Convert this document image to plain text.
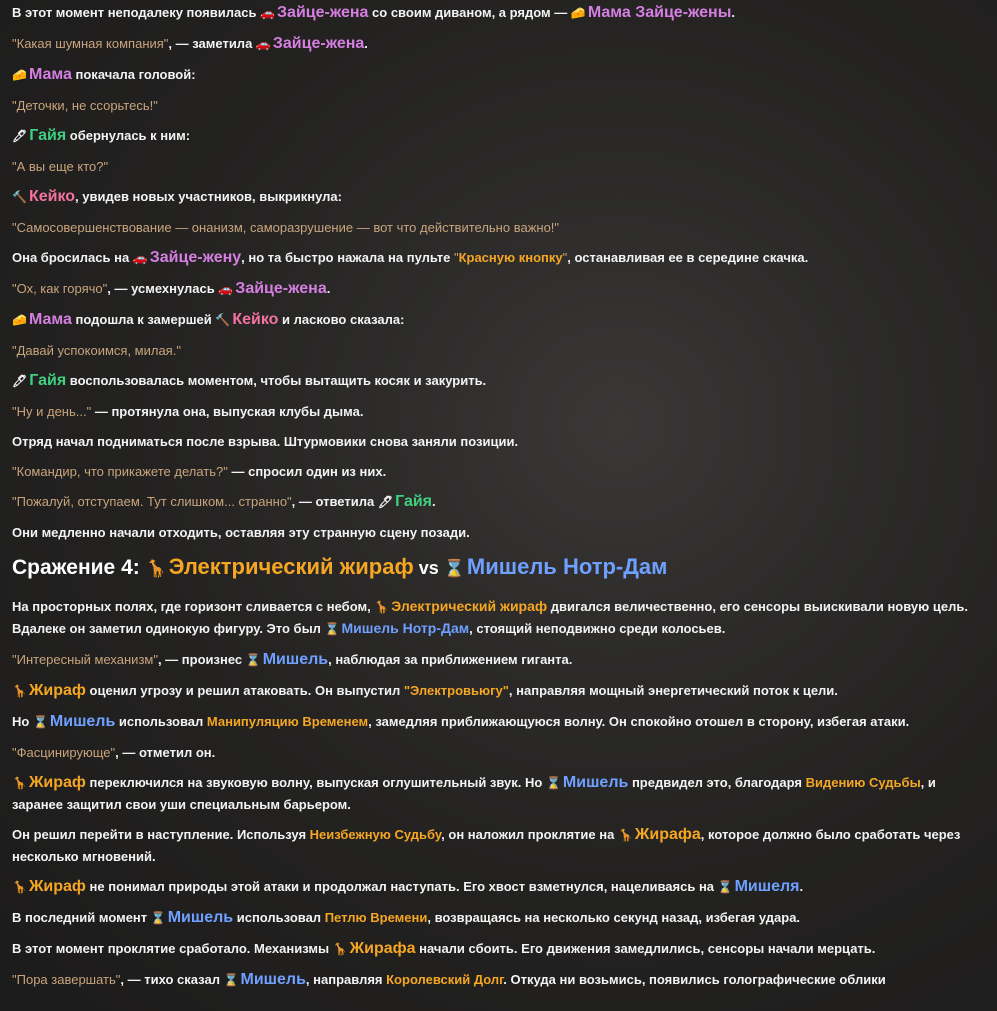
В этот момент неподалеку появилась 🚗 Зайце-жена со своим диваном, а рядом — 🧀 Мама Зайце-жены.

"Какая шумная компания", — заметила 🚗 Зайце-жена.

🧀 Мама покачала головой:

"Деточки, не ссорьтесь!"

🖊 Гайя обернулась к ним:

"А вы еще кто?"

🔨 Кейко, увидев новых участников, выкрикнула:

"Самосовершенствование — онанизм, саморазрушение — вот что действительно важно!"

Она бросилась на 🚗 Зайце-жену, но та быстро нажала на пульте "Красную кнопку", останавливая ее в середине скачка.

"Ох, как горячо", — усмехнулась 🚗 Зайце-жена.

🧀 Мама подошла к замершей 🔨 Кейко и ласково сказала:

"Давай успокоимся, милая."

🖊 Гайя воспользовалась моментом, чтобы вытащить косяк и закурить.

"Ну и день..." — протянула она, выпуская клубы дыма.

Отряд начал подниматься после взрыва. Штурмовики снова заняли позиции.

"Командир, что прикажете делать?" — спросил один из них.

"Пожалуй, отступаем. Тут слишком... странно", — ответила 🖊 Гайя.

Они медленно начали отходить, оставляя эту странную сцену позади.

Сражение 4: 🦒Электрический жираф vs ⌛Мишель Нотр-Дам

На просторных полях, где горизонт сливается с небом, 🦒 Электрический жираф двигался величественно, его сенсоры выискивали новую цель. Вдалеке он заметил одинокую фигуру. Это был ⌛ Мишель Нотр-Дам, стоящий неподвижно среди колосьев.

"Интересный механизм", — произнес ⌛ Мишель, наблюдая за приближением гиганта.

🦒 Жираф оценил угрозу и решил атаковать. Он выпустил "Электровьюгу", направляя мощный энергетический поток к цели.

Но ⌛ Мишель использовал Манипуляцию Временем, замедляя приближающуюся волну. Он спокойно отошел в сторону, избегая атаки.

"Фасцинирующе", — отметил он.

🦒 Жираф переключился на звуковую волну, выпуская оглушительный звук. Но ⌛ Мишель предвидел это, благодаря Видению Судьбы, и заранее защитил свои уши специальным барьером.

Он решил перейти в наступление. Используя Неизбежную Судьбу, он наложил проклятие на 🦒 Жирафа, которое должно было сработать через несколько мгновений.

🦒 Жираф не понимал природы этой атаки и продолжал наступать. Его хвост взметнулся, нацеливаясь на ⌛ Мишеля.

В последний момент ⌛ Мишель использовал Петлю Времени, возвращаясь на несколько секунд назад, избегая удара.

В этот момент проклятие сработало. Механизмы 🦒 Жирафа начали сбоить. Его движения замедлились, сенсоры начали мерцать.

"Пора завершать", — тихо сказал ⌛ Мишель, направляя Королевский Долг. Откуда ни возьмись, появились голографические облики
